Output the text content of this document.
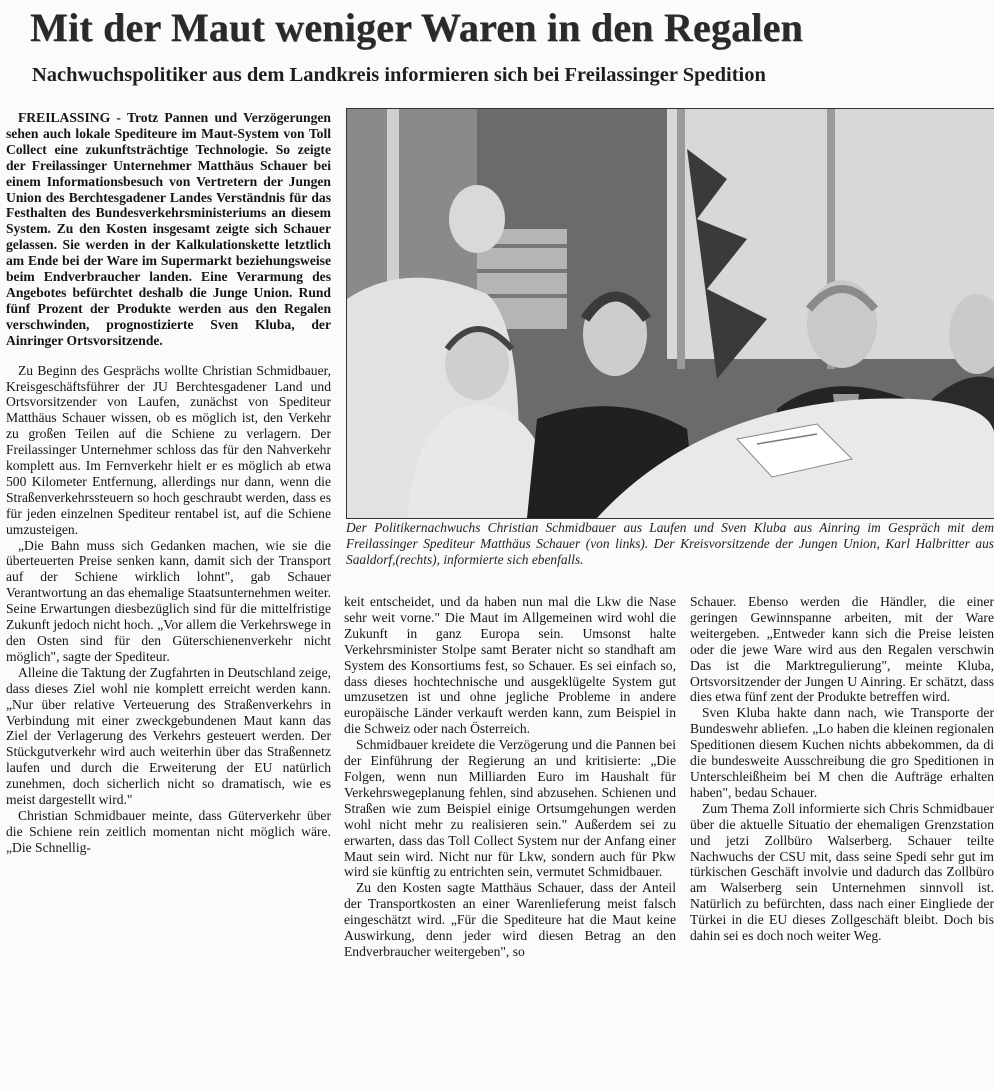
Mit der Maut weniger Waren in den Regalen
Nachwuchspolitiker aus dem Landkreis informieren sich bei Freilassinger Spedition

FREILASSING - Trotz Pannen und Verzögerungen sehen auch lokale Spediteure im Maut-System von Toll Collect eine zukunftsträchtige Technologie. So zeigte der Freilassinger Unternehmer Matthäus Schauer bei einem Informationsbesuch von Vertretern der Jungen Union des Berchtesgadener Landes Verständnis für das Festhalten des Bundesverkehrsministeriums an diesem System. Zu den Kosten insgesamt zeigte sich Schauer gelassen. Sie werden in der Kalkulationskette letztlich am Ende bei der Ware im Supermarkt beziehungsweise beim Endverbraucher landen. Eine Verarmung des Angebotes befürchtet deshalb die Junge Union. Rund fünf Prozent der Produkte werden aus den Regalen verschwinden, prognostizierte Sven Kluba, der Ainringer Ortsvorsitzende.

Zu Beginn des Gesprächs wollte Christian Schmidbauer, Kreisgeschäftsführer der JU Berchtesgadener Land und Ortsvorsitzender von Laufen, zunächst von Spediteur Matthäus Schauer wissen, ob es möglich ist, den Verkehr zu großen Teilen auf die Schiene zu verlagern. Der Freilassinger Unternehmer schloss das für den Nahverkehr komplett aus. Im Fernverkehr hielt er es möglich ab etwa 500 Kilometer Entfernung, allerdings nur dann, wenn die Straßenverkehrssteuern so hoch geschraubt werden, dass es für jeden einzelnen Spediteur rentabel ist, auf die Schiene umzusteigen.

„Die Bahn muss sich Gedanken machen, wie sie die überteuerten Preise senken kann, damit sich der Transport auf der Schiene wirklich lohnt", gab Schauer Verantwortung an das ehemalige Staatsunternehmen weiter. Seine Erwartungen diesbezüglich sind für die mittelfristige Zukunft jedoch nicht hoch. „Vor allem die Verkehrswege in den Osten sind für den Güterschienenverkehr nicht möglich", sagte der Spediteur.

Alleine die Taktung der Zugfahrten in Deutschland zeige, dass dieses Ziel wohl nie komplett erreicht werden kann. „Nur über relative Verteuerung des Straßenverkehrs in Verbindung mit einer zweckgebundenen Maut kann das Ziel der Verlagerung des Verkehrs gesteuert werden. Der Stückgutverkehr wird auch weiterhin über das Straßennetz laufen und durch die Erweiterung der EU natürlich zunehmen, doch sicherlich nicht so dramatisch, wie es meist dargestellt wird."

Christian Schmidbauer meinte, dass Güterverkehr über die Schiene rein zeitlich momentan nicht möglich wäre. „Die Schnellig-

Der Politikernachwuchs Christian Schmidbauer aus Laufen und Sven Kluba aus Ainring im Gespräch mit dem Freilassinger Spediteur Matthäus Schauer (von links). Der Kreisvorsitzende der Jungen Union, Karl Halbritter aus Saaldorf,(rechts), informierte sich ebenfalls.

keit entscheidet, und da haben nun mal die Lkw die Nase sehr weit vorne." Die Maut im Allgemeinen wird wohl die Zukunft in ganz Europa sein. Umsonst halte Verkehrsminister Stolpe samt Berater nicht so standhaft am System des Konsortiums fest, so Schauer. Es sei einfach so, dass dieses hochtechnische und ausgeklügelte System gut umzusetzen ist und ohne jegliche Probleme in andere europäische Länder verkauft werden kann, zum Beispiel in die Schweiz oder nach Österreich.

Schmidbauer kreidete die Verzögerung und die Pannen bei der Einführung der Regierung an und kritisierte: „Die Folgen, wenn nun Milliarden Euro im Haushalt für Verkehrswegeplanung fehlen, sind abzusehen. Schienen und Straßen wie zum Beispiel einige Ortsumgehungen werden wohl nicht mehr zu realisieren sein." Außerdem sei zu erwarten, dass das Toll Collect System nur der Anfang einer Maut sein wird. Nicht nur für Lkw, sondern auch für Pkw wird sie künftig zu entrichten sein, vermutet Schmidbauer.

Zu den Kosten sagte Matthäus Schauer, dass der Anteil der Transportkosten an einer Warenlieferung meist falsch eingeschätzt wird. „Für die Spediteure hat die Maut keine Auswirkung, denn jeder wird diesen Betrag an den Endverbraucher weitergeben", so

Schauer. Ebenso werden die Händler, die einer geringen Gewinnspanne arbeiten, mit der Ware weitergeben. „Entweder kann sich die Preise leisten oder die jewe Ware wird aus den Regalen verschwin Das ist die Marktregulierung", meinte Kluba, Ortsvorsitzender der Jungen U Ainring. Er schätzt, dass dies etwa fünf zent der Produkte betreffen wird.

Sven Kluba hakte dann nach, wie Transporte der Bundeswehr abliefen. „Lo haben die kleinen regionalen Speditionen diesem Kuchen nichts abbekommen, da di die bundesweite Ausschreibung die gro Speditionen in Unterschleißheim bei M chen die Aufträge erhalten haben", bedau Schauer.

Zum Thema Zoll informierte sich Chris Schmidbauer über die aktuelle Situatio der ehemaligen Grenzstation und jetzi Zollbüro Walserberg. Schauer teilte Nachwuchs der CSU mit, dass seine Spedi sehr gut im türkischen Geschäft involvie und dadurch das Zollbüro am Walserberg sein Unternehmen sinnvoll ist. Natürlich zu befürchten, dass nach einer Eingliede der Türkei in die EU dieses Zollgeschäft bleibt. Doch bis dahin sei es doch noch weiter Weg.
